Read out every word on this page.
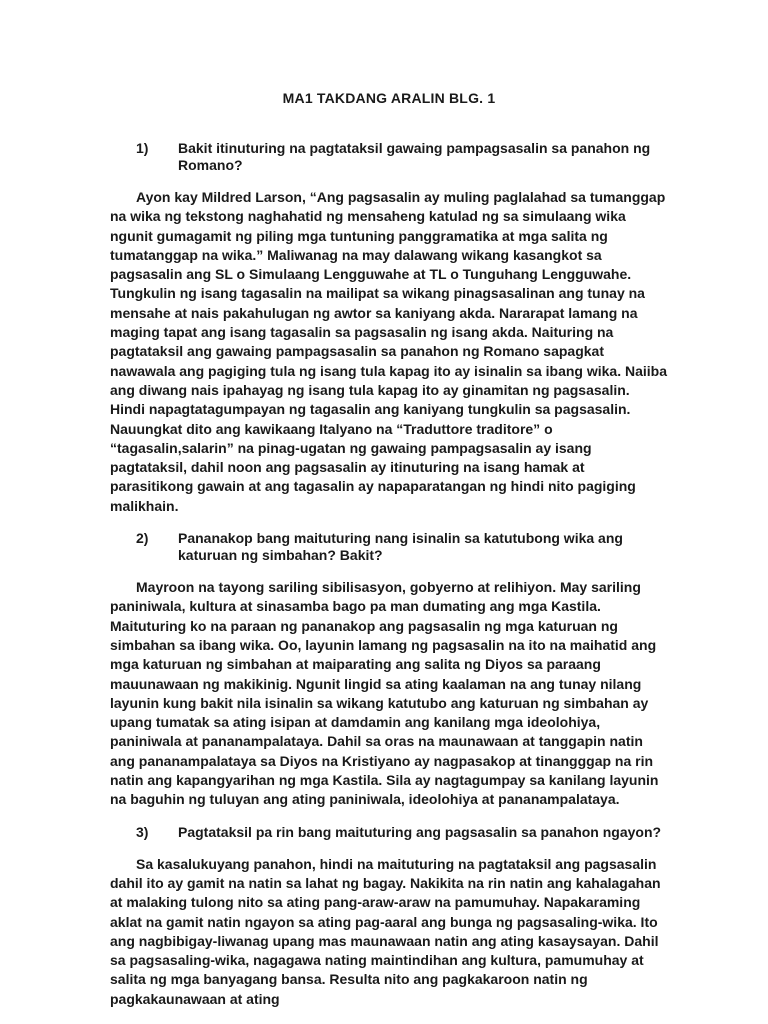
MA1 TAKDANG ARALIN BLG. 1
1)	Bakit itinuturing na pagtataksil gawaing pampagsasalin sa panahon ng Romano?
Ayon kay Mildred Larson, “Ang pagsasalin ay muling paglalahad sa tumanggap na wika ng tekstong naghahatid ng mensaheng katulad ng sa simulaang wika ngunit gumagamit ng piling mga tuntuning panggramatika at mga salita ng tumatanggap na wika.” Maliwanag na may dalawang wikang kasangkot sa pagsasalin ang SL o Simulaang Lengguwahe at TL o Tunguhang Lengguwahe. Tungkulin ng isang tagasalin na mailipat sa wikang pinagsasalinan ang tunay na mensahe at nais pakahulugan ng awtor sa kaniyang akda. Nararapat lamang na maging tapat ang isang tagasalin sa pagsasalin ng isang akda. Naituring na pagtataksil ang gawaing pampagsasalin sa panahon ng Romano sapagkat nawawala ang pagiging tula ng isang tula kapag ito ay isinalin sa ibang wika. Naiiba ang diwang nais ipahayag ng isang tula kapag ito ay ginamitan ng pagsasalin. Hindi napagtatagumpayan ng tagasalin ang kaniyang tungkulin sa pagsasalin. Nauungkat dito ang kawikaang Italyano na “Traduttore traditore” o “tagasalin,salarin” na pinag-ugatan ng gawaing pampagsasalin ay isang pagtataksil, dahil noon ang pagsasalin ay itinuturing na isang hamak at parasitikong gawain at ang tagasalin ay napaparatangan ng hindi nito pagiging malikhain.
2)	Pananakop bang maituturing nang isinalin sa katutubong wika ang katuruan ng simbahan? Bakit?
Mayroon na tayong sariling sibilisasyon, gobyerno at relihiyon. May sariling paniniwala, kultura at sinasamba bago pa man dumating ang mga Kastila. Maituturing ko na paraan ng pananakop ang pagsasalin ng mga katuruan ng simbahan sa ibang wika. Oo, layunin lamang ng pagsasalin na ito na maihatid ang mga katuruan ng simbahan at maiparating ang salita ng Diyos sa paraang mauunawaan ng makikinig. Ngunit lingid sa ating kaalaman na ang tunay nilang layunin kung bakit nila isinalin sa wikang katutubo ang katuruan ng simbahan ay upang tumatak sa ating isipan at damdamin ang kanilang mga ideolohiya, paniniwala at pananampalataya. Dahil sa oras na maunawaan at tanggapin natin ang pananampalataya sa Diyos na Kristiyano ay nagpasakop at tinangggap na rin natin ang kapangyarihan ng mga Kastila. Sila ay nagtagumpay sa kanilang layunin na baguhin ng tuluyan ang ating paniniwala, ideolohiya at pananampalataya.
3)	Pagtataksil pa rin bang maituturing ang pagsasalin sa panahon ngayon?
Sa kasalukuyang panahon, hindi na maituturing na pagtataksil ang pagsasalin dahil ito ay gamit na natin sa lahat ng bagay. Nakikita na rin natin ang kahalagahan at malaking tulong nito sa ating pang-araw-araw na pamumuhay. Napakaraming aklat na gamit natin ngayon sa ating pag-aaral ang bunga ng pagsasaling-wika. Ito ang nagbibigay-liwanag upang mas maunawaan natin ang ating kasaysayan. Dahil sa pagsasaling-wika, nagagawa nating maintindihan ang kultura, pamumuhay at salita ng mga banyagang bansa. Resulta nito ang pagkakaroon natin ng pagkakaunawaan at ating
